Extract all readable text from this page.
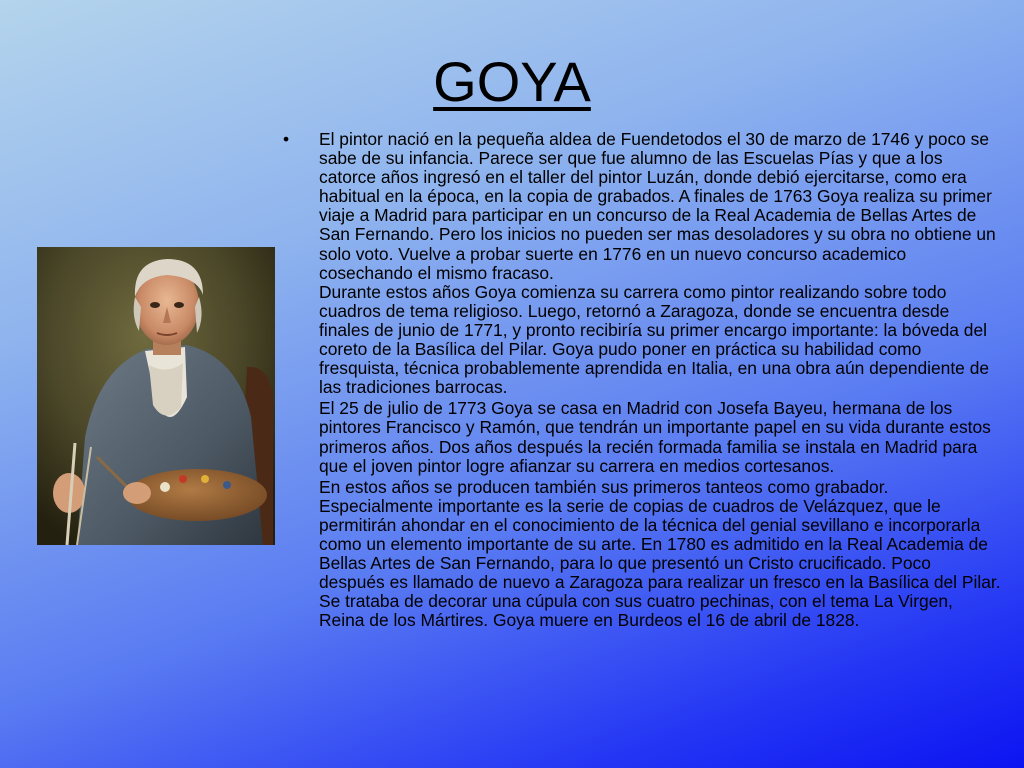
GOYA
•	El pintor nació en la pequeña aldea de Fuendetodos el 30 de marzo de 1746 y poco se sabe de su infancia. Parece ser que fue alumno de las Escuelas Pías y que a los catorce años ingresó en el taller del pintor Luzán, donde debió ejercitarse, como era habitual en la época, en la copia de grabados. A finales de 1763 Goya realiza su primer viaje a Madrid para participar en un concurso de la Real Academia de Bellas Artes de San Fernando. Pero los inicios no pueden ser mas desoladores y su obra no obtiene un solo voto. Vuelve a probar suerte en 1776 en un nuevo concurso academico cosechando el mismo fracaso.

Durante estos años Goya comienza su carrera como pintor realizando sobre todo cuadros de tema religioso. Luego, retornó a Zaragoza, donde se encuentra desde finales de junio de 1771, y pronto recibiría su primer encargo importante: la bóveda del coreto de la Basílica del Pilar. Goya pudo poner en práctica su habilidad como fresquista, técnica probablemente aprendida en Italia, en una obra aún dependiente de las tradiciones barrocas.

El 25 de julio de 1773 Goya se casa en Madrid con Josefa Bayeu, hermana de los pintores Francisco y Ramón, que tendrán un importante papel en su vida durante estos primeros años. Dos años después la recién formada familia se instala en Madrid para que el joven pintor logre afianzar su carrera en medios cortesanos.

En estos años se producen también sus primeros tanteos como grabador. Especialmente importante es la serie de copias de cuadros de Velázquez, que le permitirán ahondar en el conocimiento de la técnica del genial sevillano e incorporarla como un elemento importante de su arte. En 1780 es admitido en la Real Academia de Bellas Artes de San Fernando, para lo que presentó un Cristo crucificado. Poco después es llamado de nuevo a Zaragoza para realizar un fresco en la Basílica del Pilar. Se trataba de decorar una cúpula con sus cuatro pechinas, con el tema La Virgen, Reina de los Mártires. Goya muere en Burdeos el 16 de abril de 1828.
